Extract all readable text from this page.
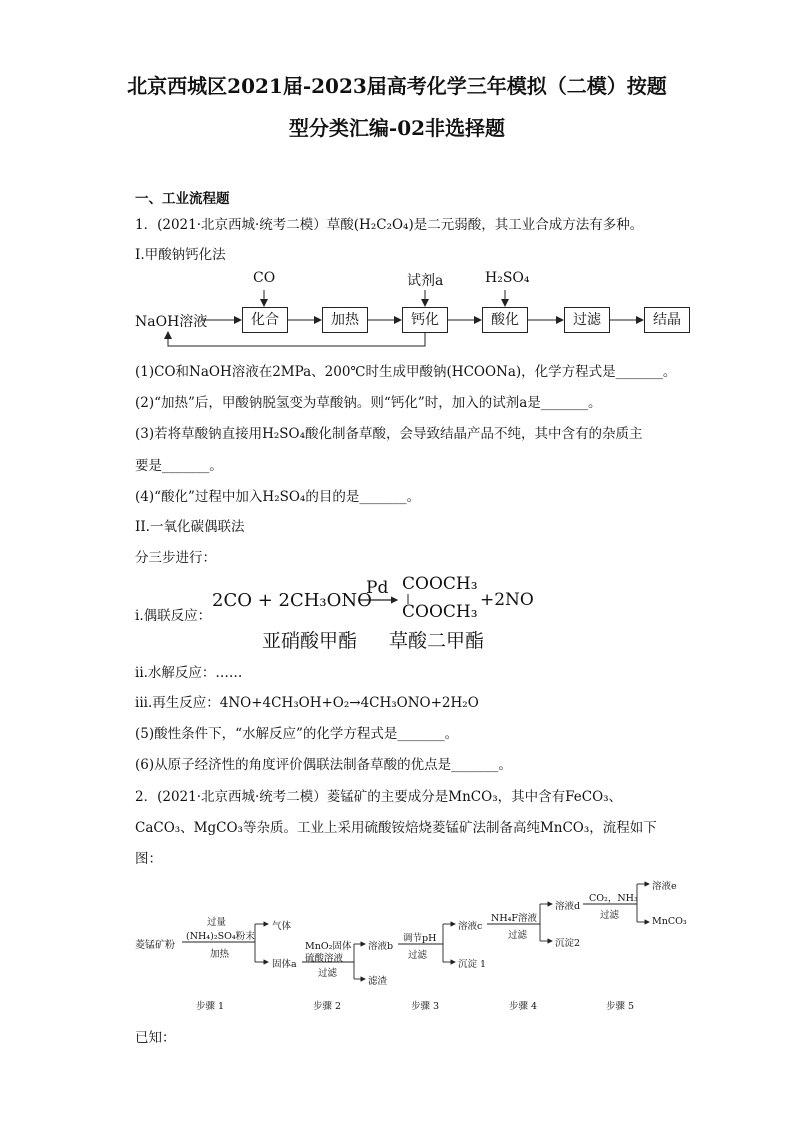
北京西城区2021届-2023届高考化学三年模拟（二模）按题
型分类汇编-02非选择题
一、工业流程题
1．(2021·北京西城·统考二模）草酸(H₂C₂O₄)是二元弱酸，其工业合成方法有多种。
I.甲酸钠钙化法
NaOH溶液	化合	加热	钙化	酸化	过滤	结晶
CO	试剂a	H₂SO₄
(1)CO和NaOH溶液在2MPa、200℃时生成甲酸钠(HCOONa)，化学方程式是_______。
(2)“加热”后，甲酸钠脱氢变为草酸钠。则“钙化”时，加入的试剂a是_______。
(3)若将草酸钠直接用H₂SO₄酸化制备草酸，会导致结晶产品不纯，其中含有的杂质主
要是_______。
(4)“酸化”过程中加入H₂SO₄的目的是_______。
II.一氧化碳偶联法
分三步进行：
i.偶联反应：
2CO + 2CH₃ONO
Pd COOCH₃
COOCH₃
+2NO
亚硝酸甲酯 草酸二甲酯
ii.水解反应：……
iii.再生反应：4NO+4CH₃OH+O₂→4CH₃ONO+2H₂O
(5)酸性条件下，“水解反应”的化学方程式是_______。
(6)从原子经济性的角度评价偶联法制备草酸的优点是_______。
2．(2021·北京西城·统考二模）菱锰矿的主要成分是MnCO₃，其中含有FeCO₃、
CaCO₃、MgCO₃等杂质。工业上采用硫酸铵焙烧菱锰矿法制备高纯MnCO₃，流程如下
图：
菱锰矿粉
过量
(NH₄)₂SO₄粉末
加热
气体
固体a
MnO₂固体
硫酸溶液
过滤
溶液b
滤渣
调节pH
过滤
溶液c
沉淀 1
NH₄F溶液
过滤
溶液d
沉淀2
CO₂，NH₃
过滤
溶液e
MnCO₃
步骤 1	步骤 2	步骤 3	步骤 4	步骤 5
已知：
